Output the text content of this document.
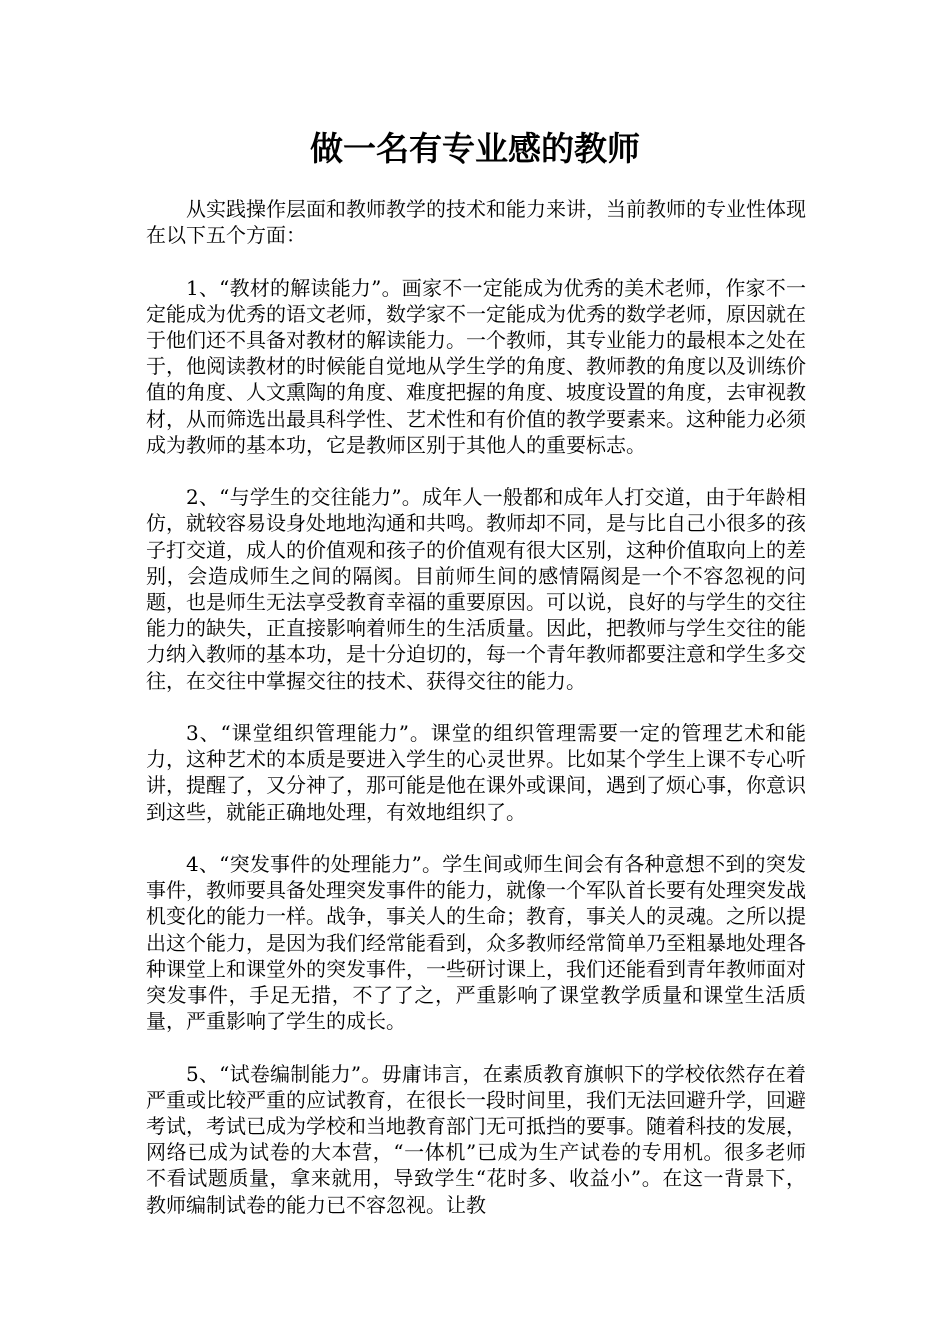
做一名有专业感的教师

从实践操作层面和教师教学的技术和能力来讲，当前教师的专业性体现在以下五个方面：

1、“教材的解读能力”。画家不一定能成为优秀的美术老师，作家不一定能成为优秀的语文老师，数学家不一定能成为优秀的数学老师，原因就在于他们还不具备对教材的解读能力。一个教师，其专业能力的最根本之处在于，他阅读教材的时候能自觉地从学生学的角度、教师教的角度以及训练价值的角度、人文熏陶的角度、难度把握的角度、坡度设置的角度，去审视教材，从而筛选出最具科学性、艺术性和有价值的教学要素来。这种能力必须成为教师的基本功，它是教师区别于其他人的重要标志。

2、“与学生的交往能力”。成年人一般都和成年人打交道，由于年龄相仿，就较容易设身处地地沟通和共鸣。教师却不同，是与比自己小很多的孩子打交道，成人的价值观和孩子的价值观有很大区别，这种价值取向上的差别，会造成师生之间的隔阂。目前师生间的感情隔阂是一个不容忽视的问题，也是师生无法享受教育幸福的重要原因。可以说，良好的与学生的交往能力的缺失，正直接影响着师生的生活质量。因此，把教师与学生交往的能力纳入教师的基本功，是十分迫切的，每一个青年教师都要注意和学生多交往，在交往中掌握交往的技术、获得交往的能力。

3、“课堂组织管理能力”。课堂的组织管理需要一定的管理艺术和能力，这种艺术的本质是要进入学生的心灵世界。比如某个学生上课不专心听讲，提醒了，又分神了，那可能是他在课外或课间，遇到了烦心事，你意识到这些，就能正确地处理，有效地组织了。

4、“突发事件的处理能力”。学生间或师生间会有各种意想不到的突发事件，教师要具备处理突发事件的能力，就像一个军队首长要有处理突发战机变化的能力一样。战争，事关人的生命；教育，事关人的灵魂。之所以提出这个能力，是因为我们经常能看到，众多教师经常简单乃至粗暴地处理各种课堂上和课堂外的突发事件，一些研讨课上，我们还能看到青年教师面对突发事件，手足无措，不了了之，严重影响了课堂教学质量和课堂生活质量，严重影响了学生的成长。

5、“试卷编制能力”。毋庸讳言，在素质教育旗帜下的学校依然存在着严重或比较严重的应试教育，在很长一段时间里，我们无法回避升学，回避考试，考试已成为学校和当地教育部门无可抵挡的要事。随着科技的发展，网络已成为试卷的大本营，“一体机”已成为生产试卷的专用机。很多老师不看试题质量，拿来就用，导致学生“花时多、收益小”。在这一背景下，教师编制试卷的能力已不容忽视。让教
